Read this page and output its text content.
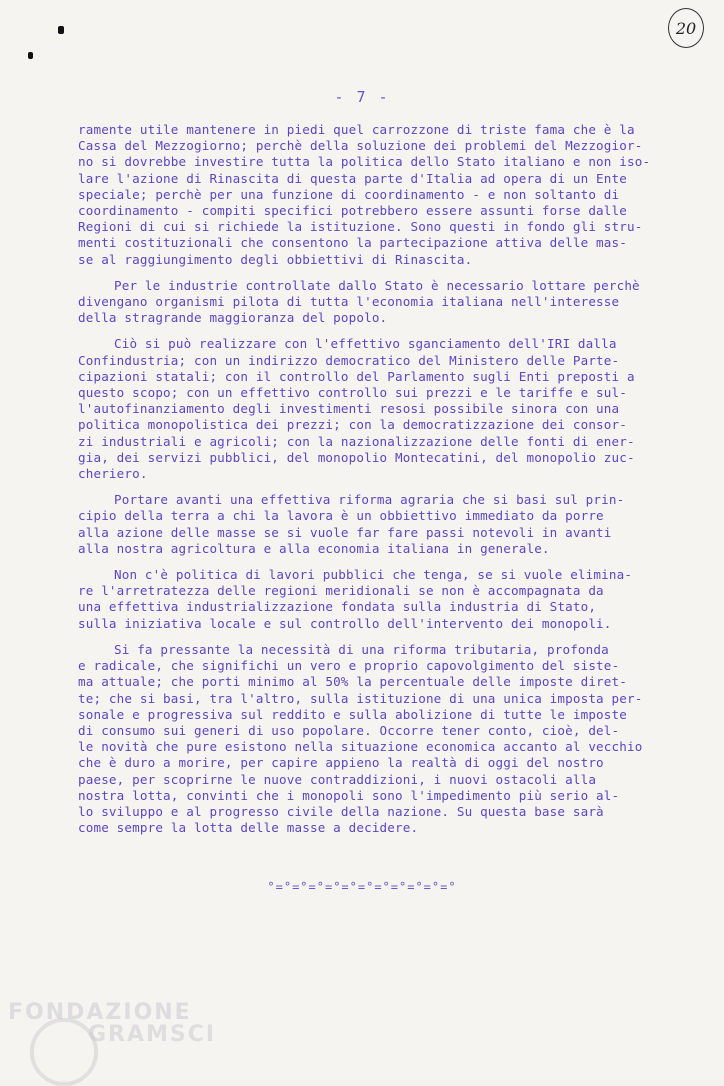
20
- 7 -
ramente utile mantenere in piedi quel carrozzone di triste fama che è la
Cassa del Mezzogiorno; perchè della soluzione dei problemi del Mezzogior-
no si dovrebbe investire tutta la politica dello Stato italiano e non iso-
lare l'azione di Rinascita di questa parte d'Italia ad opera di un Ente
speciale; perchè per una funzione di coordinamento - e non soltanto di
coordinamento - compiti specifici potrebbero essere assunti forse dalle
Regioni di cui si richiede la istituzione. Sono questi in fondo gli stru-
menti costituzionali che consentono la partecipazione attiva delle mas-
se al raggiungimento degli obbiettivi di Rinascita.
Per le industrie controllate dallo Stato è necessario lottare perchè
divengano organismi pilota di tutta l'economia italiana nell'interesse
della stragrande maggioranza del popolo.
Ciò si può realizzare con l'effettivo sganciamento dell'IRI dalla
Confindustria; con un indirizzo democratico del Ministero delle Parte-
cipazioni statali; con il controllo del Parlamento sugli Enti preposti a
questo scopo; con un effettivo controllo sui prezzi e le tariffe e sul-
l'autofinanziamento degli investimenti resosi possibile sinora con una
politica monopolistica dei prezzi; con la democratizzazione dei consor-
zi industriali e agricoli; con la nazionalizzazione delle fonti di ener-
gia, dei servizi pubblici, del monopolio Montecatini, del monopolio zuc-
cheriero.
Portare avanti una effettiva riforma agraria che si basi sul prin-
cipio della terra a chi la lavora è un obbiettivo immediato da porre
alla azione delle masse se si vuole far fare passi notevoli in avanti
alla nostra agricoltura e alla economia italiana in generale.
Non c'è politica di lavori pubblici che tenga, se si vuole elimina-
re l'arretratezza delle regioni meridionali se non è accompagnata da
una effettiva industrializzazione fondata sulla industria di Stato,
sulla iniziativa locale e sul controllo dell'intervento dei monopoli.
Si fa pressante la necessità di una riforma tributaria, profonda
e radicale, che significhi un vero e proprio capovolgimento del siste-
ma attuale; che porti minimo al 50% la percentuale delle imposte diret-
te; che si basi, tra l'altro, sulla istituzione di una unica imposta per-
sonale e progressiva sul reddito e sulla abolizione di tutte le imposte
di consumo sui generi di uso popolare. Occorre tener conto, cioè, del-
le novità che pure esistono nella situazione economica accanto al vecchio
che è duro a morire, per capire appieno la realtà di oggi del nostro
paese, per scoprirne le nuove contraddizioni, i nuovi ostacoli alla
nostra lotta, convinti che i monopoli sono l'impedimento più serio al-
lo sviluppo e al progresso civile della nazione. Su questa base sarà
come sempre la lotta delle masse a decidere.
°=°=°=°=°=°=°=°=°=°=°=°
FONDAZIONE
GRAMSCI
